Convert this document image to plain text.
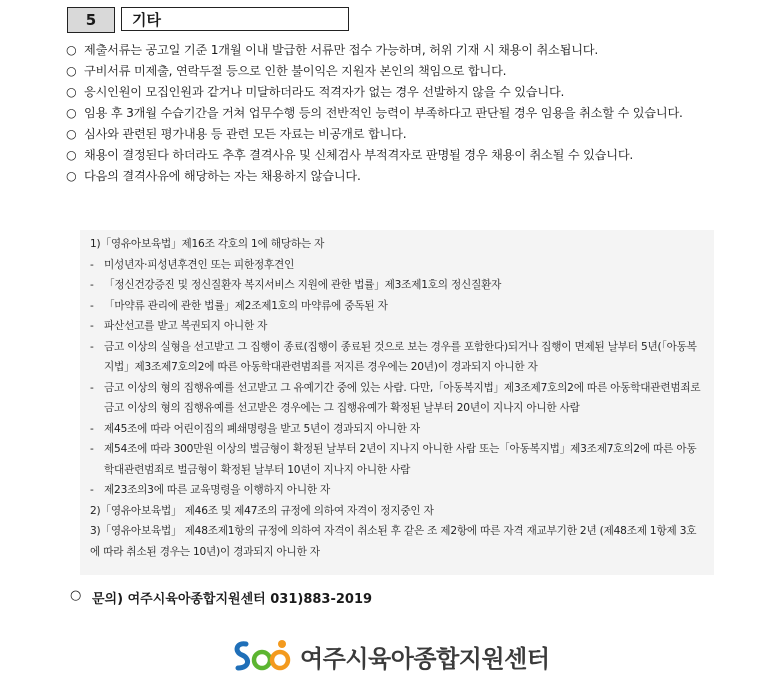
5	기타
○ 제출서류는 공고일 기준 1개월 이내 발급한 서류만 접수 가능하며, 허위 기재 시 채용이 취소됩니다.
○ 구비서류 미제출, 연락두절 등으로 인한 불이익은 지원자 본인의 책임으로 합니다.
○ 응시인원이 모집인원과 같거나 미달하더라도 적격자가 없는 경우 선발하지 않을 수 있습니다.
○ 임용 후 3개월 수습기간을 거쳐 업무수행 등의 전반적인 능력이 부족하다고 판단될 경우 임용을 취소할 수 있습니다.
○ 심사와 관련된 평가내용 등 관련 모든 자료는 비공개로 합니다.
○ 채용이 결정된다 하더라도 추후 결격사유 및 신체검사 부적격자로 판명될 경우 채용이 취소될 수 있습니다.
○ 다음의 결격사유에 해당하는 자는 채용하지 않습니다.
1)「영유아보육법」제16조 각호의 1에 해당하는 자
- 미성년자·피성년후견인 또는 피한정후견인
- 「정신건강증진 및 정신질환자 복지서비스 지원에 관한 법률」제3조제1호의 정신질환자
- 「마약류 관리에 관한 법률」제2조제1호의 마약류에 중독된 자
- 파산선고를 받고 복권되지 아니한 자
- 금고 이상의 실형을 선고받고 그 집행이 종료(집행이 종료된 것으로 보는 경우를 포함한다)되거나 집행이 면제된 날부터 5년(「아동복지법」제3조제7호의2에 따른 아동학대관련범죄를 저지른 경우에는 20년)이 경과되지 아니한 자
- 금고 이상의 형의 집행유예를 선고받고 그 유예기간 중에 있는 사람. 다만,「아동복지법」제3조제7호의2에 따른 아동학대관련범죄로 금고 이상의 형의 집행유예를 선고받은 경우에는 그 집행유예가 확정된 날부터 20년이 지나지 아니한 사람
- 제45조에 따라 어린이집의 폐쇄명령을 받고 5년이 경과되지 아니한 자
- 제54조에 따라 300만원 이상의 벌금형이 확정된 날부터 2년이 지나지 아니한 사람 또는「아동복지법」제3조제7호의2에 따른 아동학대관련범죄로 벌금형이 확정된 날부터 10년이 지나지 아니한 사람
- 제23조의3에 따른 교육명령을 이행하지 아니한 자
2)「영유아보육법」 제46조 및 제47조의 규정에 의하여 자격이 정지중인 자
3)「영유아보육법」 제48조제1항의 규정에 의하여 자격이 취소된 후 같은 조 제2항에 따른 자격 재교부기한 2년 (제48조제 1항제 3호에 따라 취소된 경우는 10년)이 경과되지 아니한 자
○ 문의) 여주시육아종합지원센터 031)883-2019
여주시육아종합지원센터
